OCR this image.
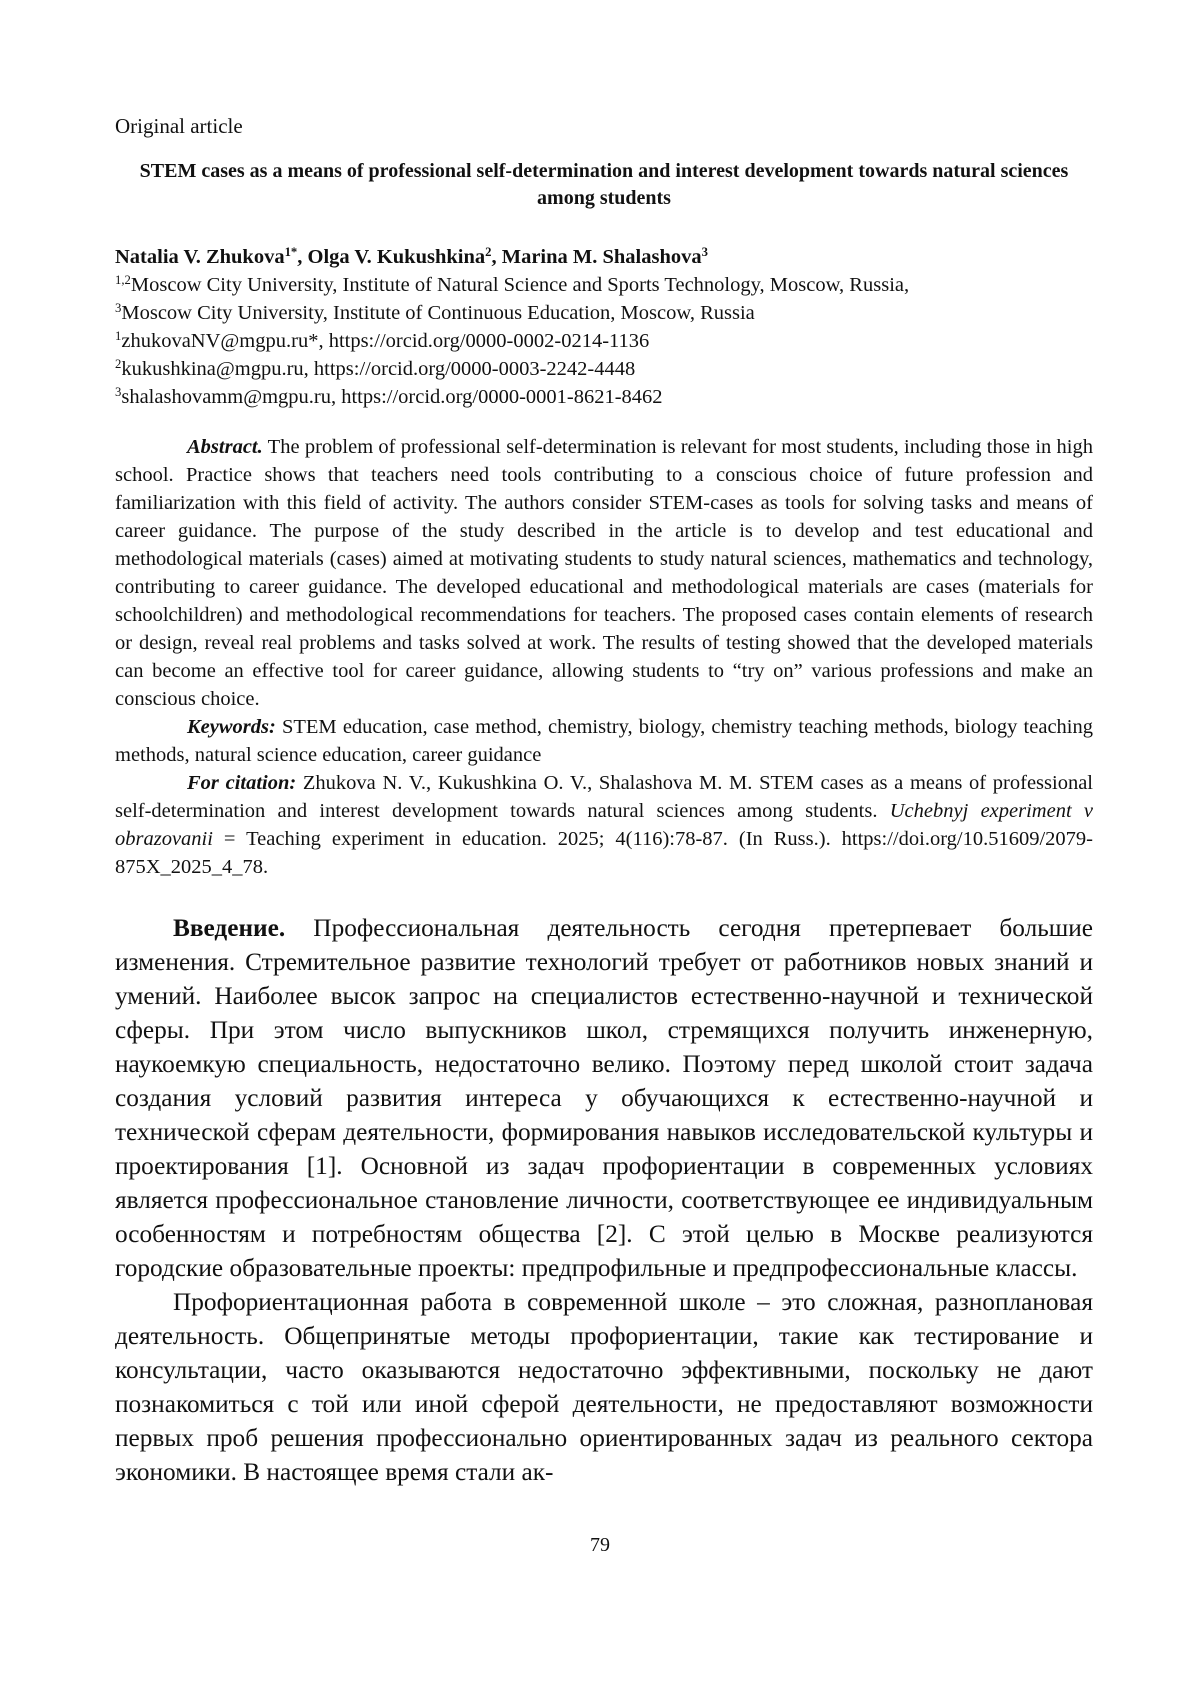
Original article

STEM cases as a means of professional self-determination and interest development towards natural sciences among students

Natalia V. Zhukova$^{1*}$, Olga V. Kukushkina$^2$, Marina M. Shalashova$^3$

$^{1,2}$Moscow City University, Institute of Natural Science and Sports Technology, Moscow, Russia,

$^3$Moscow City University, Institute of Continuous Education, Moscow, Russia

$^1$zhukovaNV@mgpu.ru*, https://orcid.org/0000-0002-0214-1136

$^2$kukushkina@mgpu.ru, https://orcid.org/0000-0003-2242-4448

$^3$shalashovamm@mgpu.ru, https://orcid.org/0000-0001-8621-8462

Abstract. The problem of professional self-determination is relevant for most students, including those in high school. Practice shows that teachers need tools contributing to a conscious choice of future profession and familiarization with this field of activity. The authors consider STEM-cases as tools for solving tasks and means of career guidance. The purpose of the study described in the article is to develop and test educational and methodological materials (cases) aimed at motivating students to study natural sciences, mathematics and technology, contributing to career guidance. The developed educational and methodological materials are cases (materials for schoolchildren) and methodological recommendations for teachers. The proposed cases contain elements of research or design, reveal real problems and tasks solved at work. The results of testing showed that the developed materials can become an effective tool for career guidance, allowing students to “try on” various professions and make an conscious choice.

Keywords: STEM education, case method, chemistry, biology, chemistry teaching methods, biology teaching methods, natural science education, career guidance

For citation: Zhukova N. V., Kukushkina O. V., Shalashova M. M. STEM cases as a means of professional self-determination and interest development towards natural sciences among students. Uchebnyj experiment v obrazovanii = Teaching experiment in education. 2025; 4(116):78-87. (In Russ.). https://doi.org/10.51609/2079-875X_2025_4_78.

Введение. Профессиональная деятельность сегодня претерпевает большие изменения. Стремительное развитие технологий требует от работников новых знаний и умений. Наиболее высок запрос на специалистов естественно-научной и технической сферы. При этом число выпускников школ, стремящихся получить инженерную, наукоемкую специальность, недостаточно велико. Поэтому перед школой стоит задача создания условий развития интереса у обучающихся к естественно-научной и технической сферам деятельности, формирования навыков исследовательской культуры и проектирования [1]. Основной из задач профориентации в современных условиях является профессиональное становление личности, соответствующее ее индивидуальным особенностям и потребностям общества [2]. С этой целью в Москве реализуются городские образовательные проекты: предпрофильные и предпрофессиональные классы.

Профориентационная работа в современной школе – это сложная, разноплановая деятельность. Общепринятые методы профориентации, такие как тестирование и консультации, часто оказываются недостаточно эффективными, поскольку не дают познакомиться с той или иной сферой деятельности, не предоставляют возможности первых проб решения профессионально ориентированных задач из реального сектора экономики. В настоящее время стали ак-

79
